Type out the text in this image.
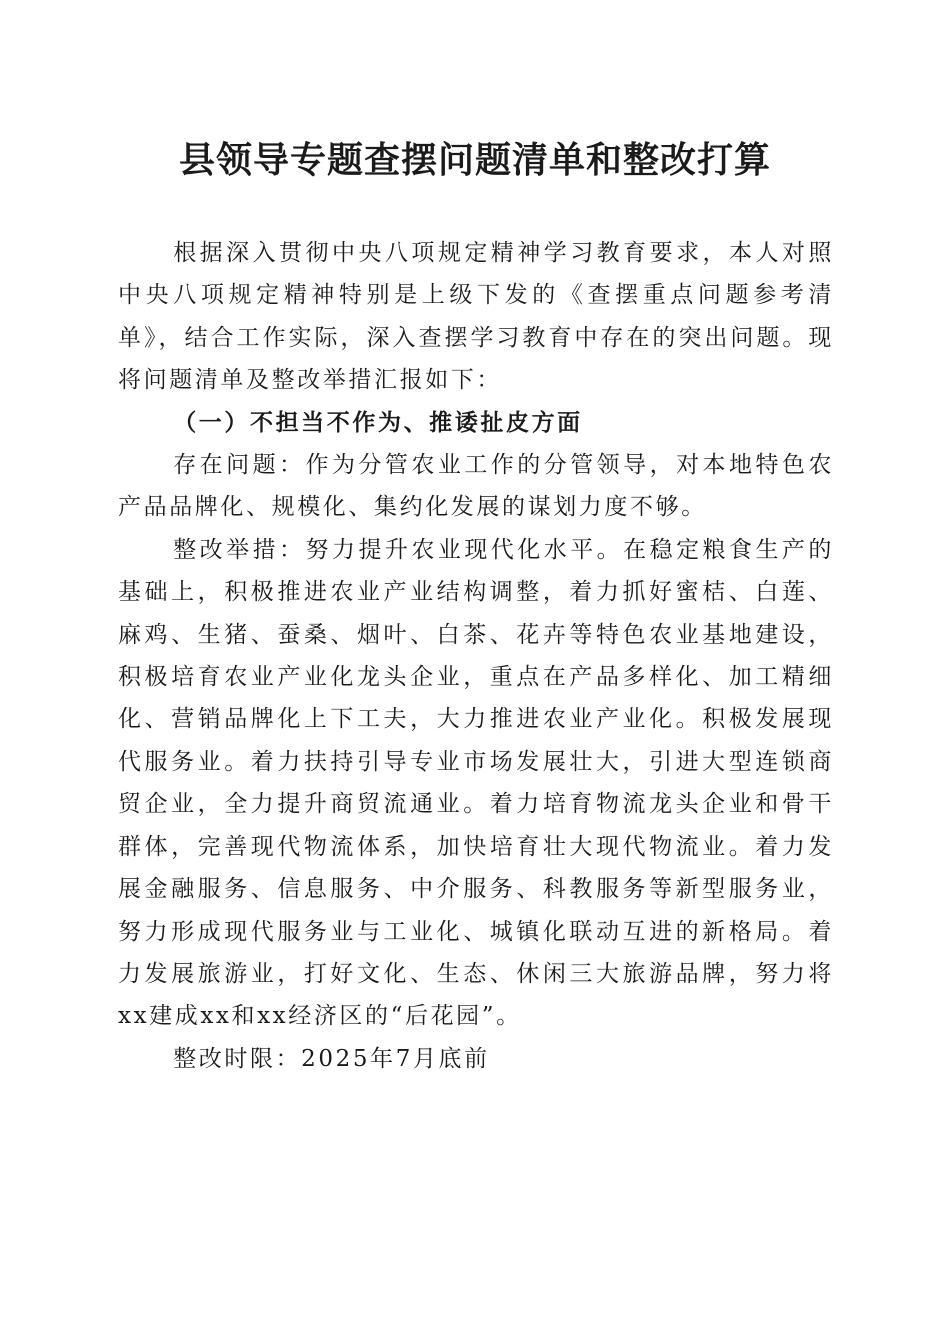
县领导专题查摆问题清单和整改打算

根据深入贯彻中央八项规定精神学习教育要求，本人对照中央八项规定精神特别是上级下发的《查摆重点问题参考清单》，结合工作实际，深入查摆学习教育中存在的突出问题。现将问题清单及整改举措汇报如下：

（一）不担当不作为、推诿扯皮方面

存在问题：作为分管农业工作的分管领导，对本地特色农产品品牌化、规模化、集约化发展的谋划力度不够。

整改举措：努力提升农业现代化水平。在稳定粮食生产的基础上，积极推进农业产业结构调整，着力抓好蜜桔、白莲、麻鸡、生猪、蚕桑、烟叶、白茶、花卉等特色农业基地建设，积极培育农业产业化龙头企业，重点在产品多样化、加工精细化、营销品牌化上下工夫，大力推进农业产业化。积极发展现代服务业。着力扶持引导专业市场发展壮大，引进大型连锁商贸企业，全力提升商贸流通业。着力培育物流龙头企业和骨干群体，完善现代物流体系，加快培育壮大现代物流业。着力发展金融服务、信息服务、中介服务、科教服务等新型服务业，努力形成现代服务业与工业化、城镇化联动互进的新格局。着力发展旅游业，打好文化、生态、休闲三大旅游品牌，努力将xx建成xx和xx经济区的“后花园”。

整改时限：2025年7月底前
